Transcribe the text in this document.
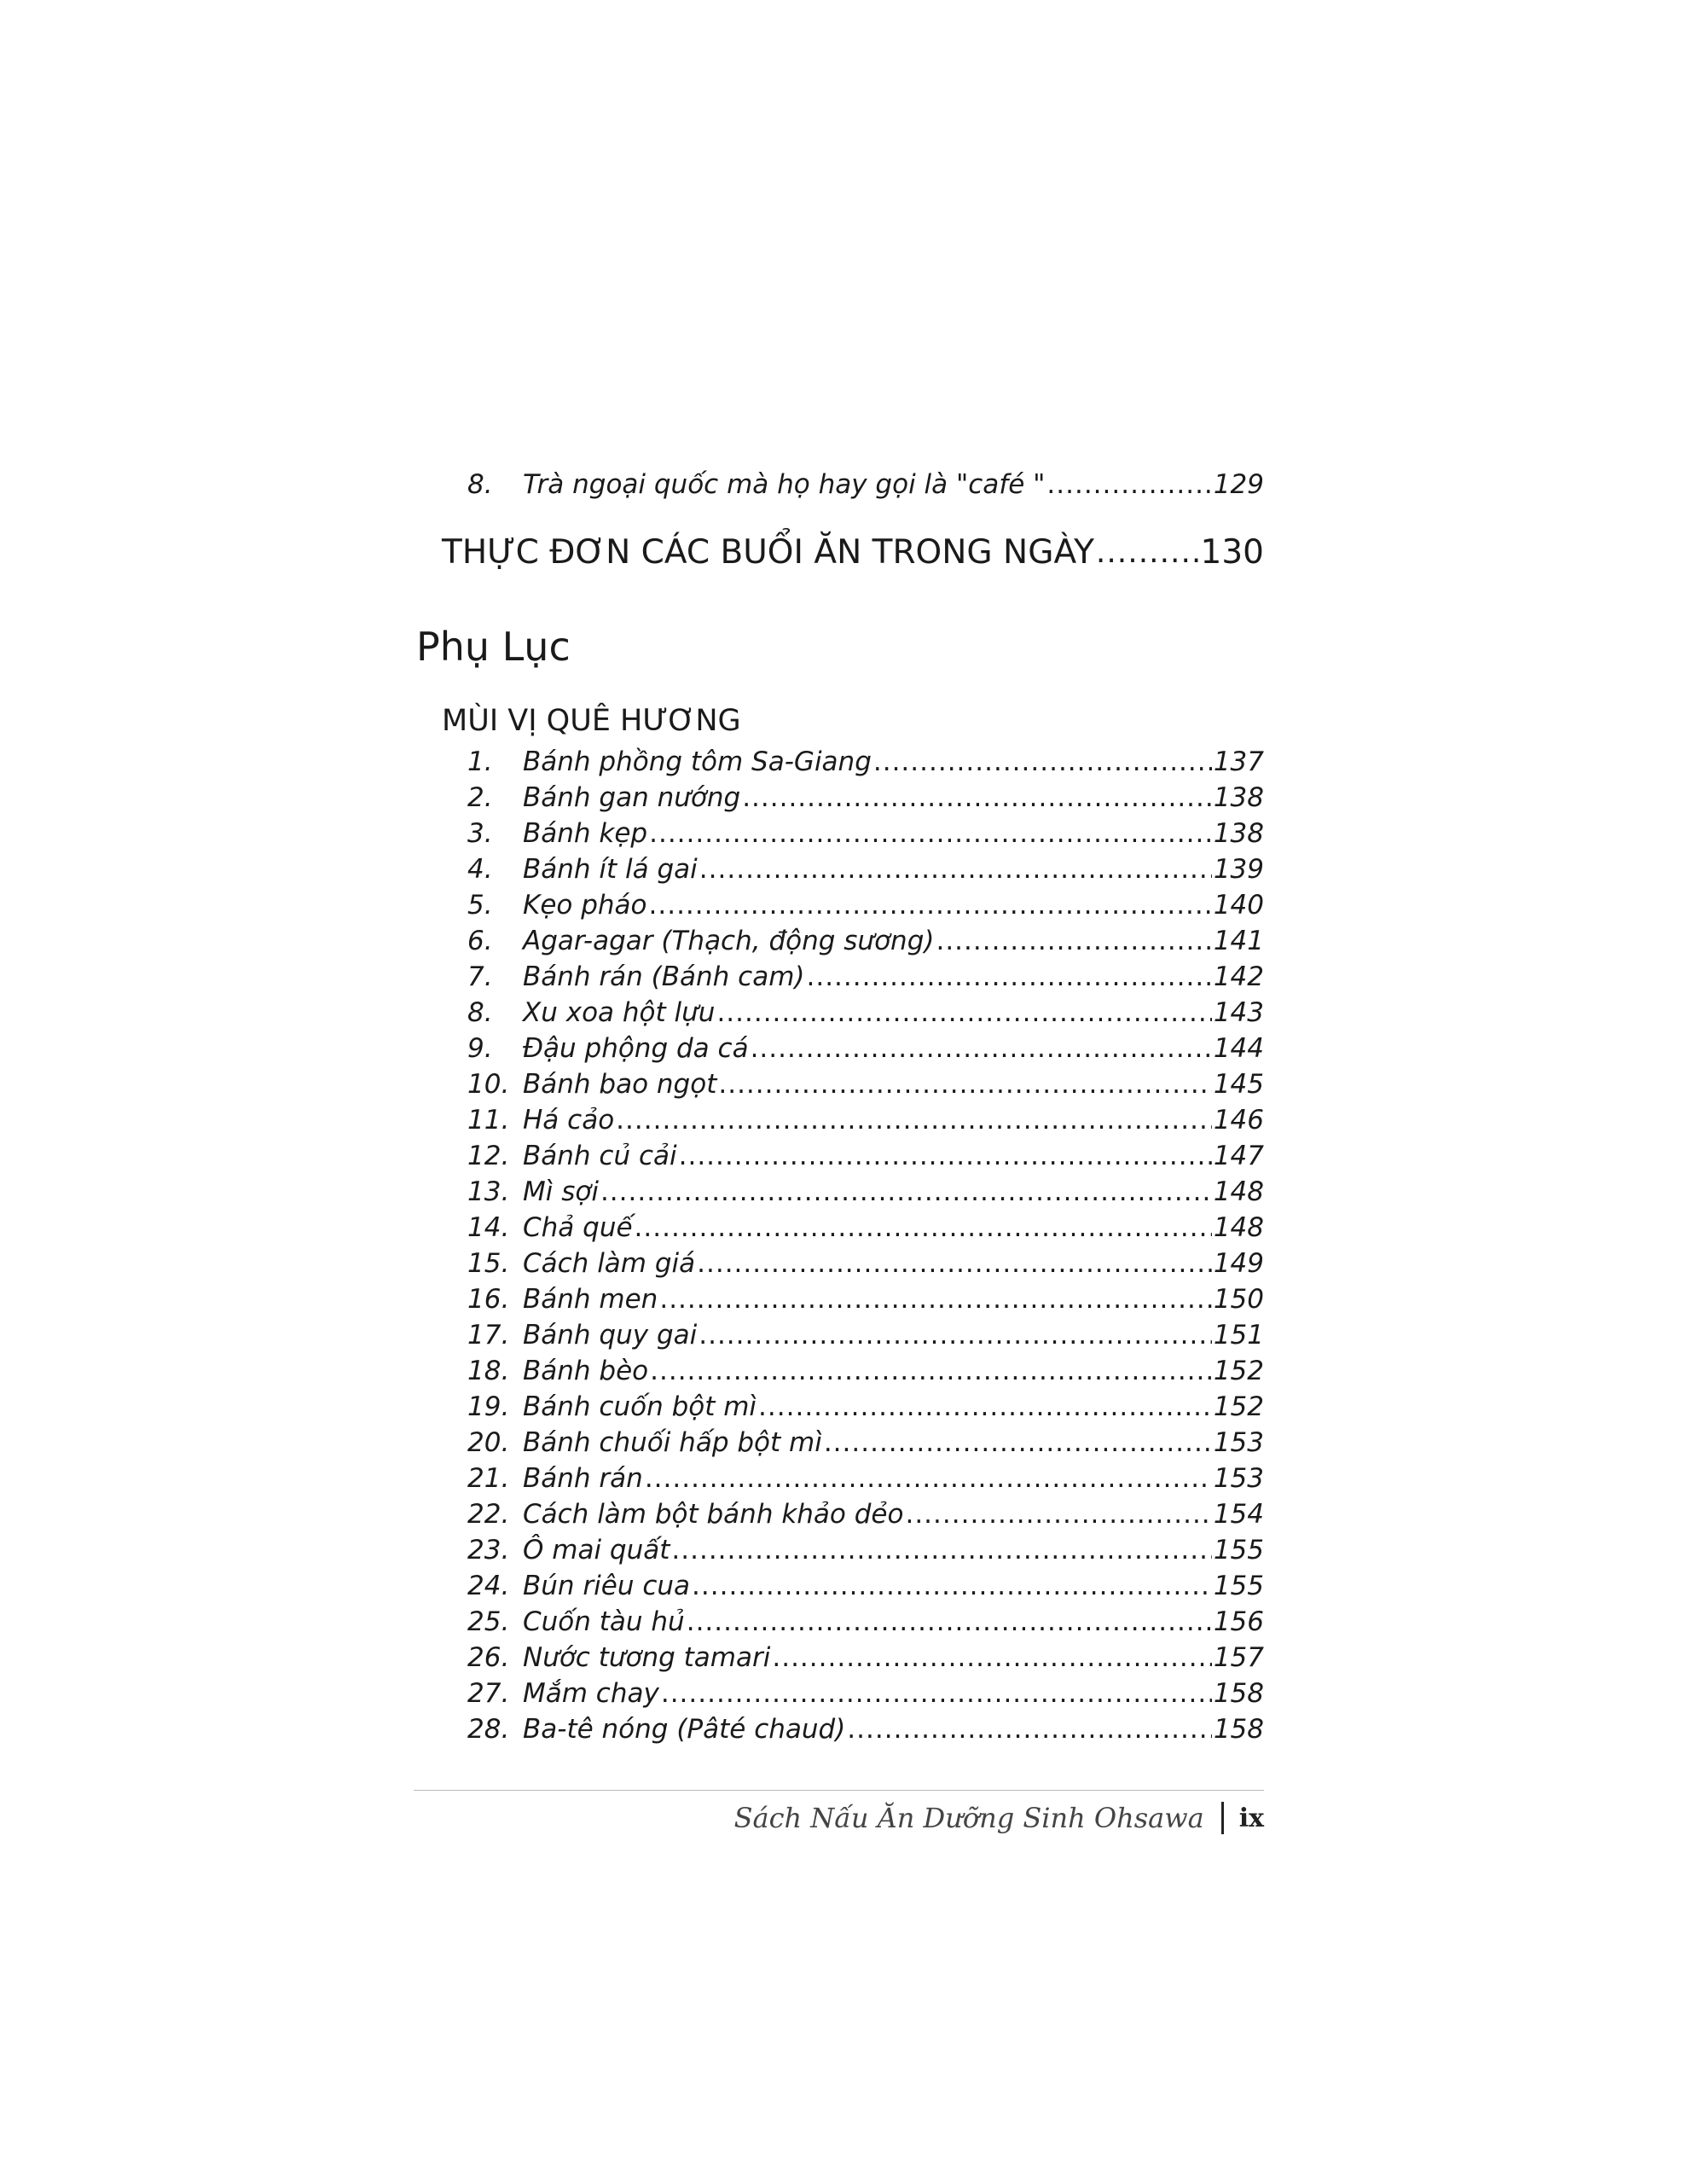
8.	Trà ngoại quốc mà họ hay gọi là "café " .....	129
THỰC ĐƠN CÁC BUỔI ĂN TRONG NGÀY .....	130
Phụ Lục
MÙI VỊ QUÊ HƯƠNG
1.	Bánh phồng tôm Sa-Giang .....	137
2.	Bánh gan nướng .....	138
3.	Bánh kẹp .....	138
4.	Bánh ít lá gai .....	139
5.	Kẹo pháo .....	140
6.	Agar-agar (Thạch, động sương) .....	141
7.	Bánh rán (Bánh cam) .....	142
8.	Xu xoa hột lựu .....	143
9.	Đậu phộng da cá .....	144
10. Bánh bao ngọt .....	145
11. Há cảo .....	146
12. Bánh củ cải .....	147
13. Mì sợi .....	148
14. Chả quế .....	148
15. Cách làm giá .....	149
16. Bánh men .....	150
17. Bánh quy gai .....	151
18. Bánh bèo .....	152
19. Bánh cuốn bột mì .....	152
20. Bánh chuối hấp bột mì .....	153
21. Bánh rán .....	153
22. Cách làm bột bánh khảo dẻo .....	154
23. Ô mai quất .....	155
24. Bún riêu cua .....	155
25. Cuốn tàu hủ .....	156
26. Nước tương tamari .....	157
27. Mắm chay .....	158
28. Ba-tê nóng (Pâté chaud) .....	158
Sách Nấu Ăn Dưỡng Sinh Ohsawa ix
